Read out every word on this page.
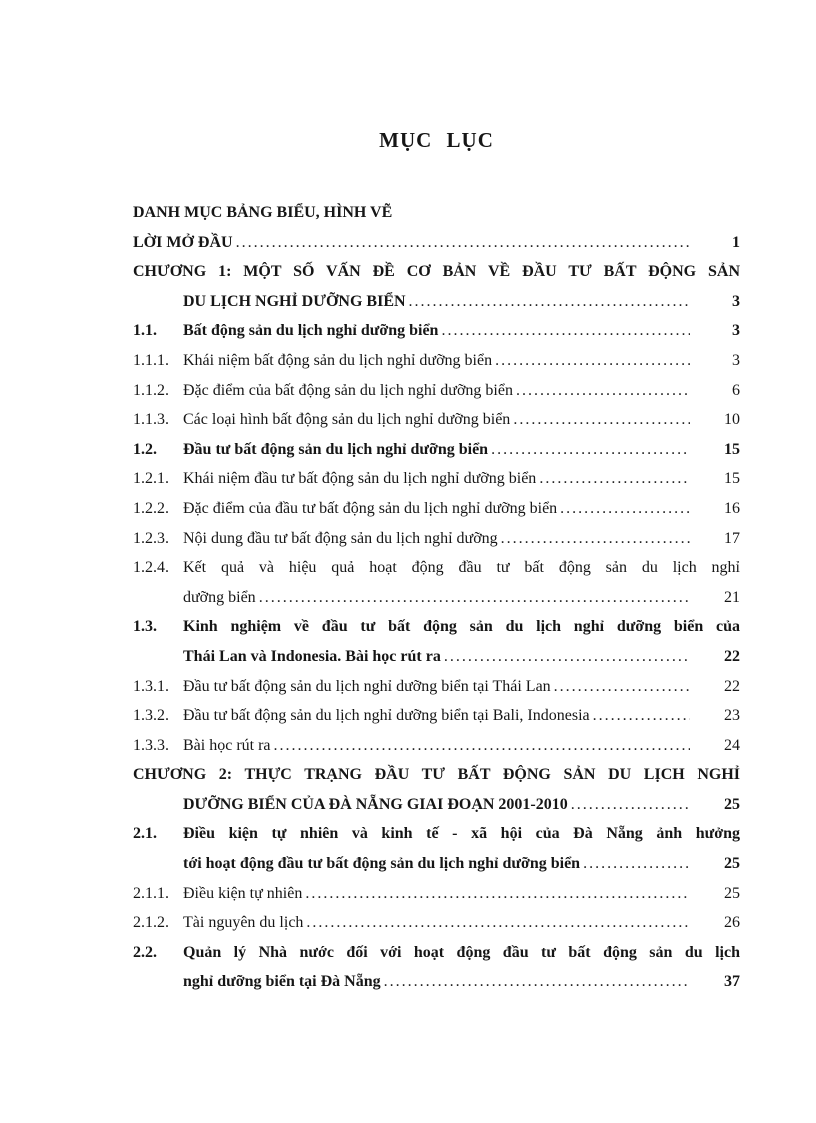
MỤC LỤC
DANH MỤC BẢNG BIỂU, HÌNH VẼ
LỜI MỞ ĐẦU .....	1
CHƯƠNG 1: MỘT SỐ VẤN ĐỀ CƠ BẢN VỀ ĐẦU TƯ BẤT ĐỘNG SẢN
DU LỊCH NGHỈ DƯỠNG BIỂN .....	3
1.1.	Bất động sản du lịch nghỉ dưỡng biển .....	3
1.1.1. Khái niệm bất động sản du lịch nghỉ dưỡng biển .....	3
1.1.2. Đặc điểm của bất động sản du lịch nghỉ dưỡng biển .....	6
1.1.3. Các loại hình bất động sản du lịch nghỉ dưỡng biển .....	10
1.2.	Đầu tư bất động sản du lịch nghỉ dưỡng biển .....	15
1.2.1. Khái niệm đầu tư bất động sản du lịch nghỉ dưỡng biển .....	15
1.2.2. Đặc điểm của đầu tư bất động sản du lịch nghỉ dưỡng biển .....	16
1.2.3. Nội dung đầu tư bất động sản du lịch nghỉ dưỡng .....	17
1.2.4. Kết quả và hiệu quả hoạt động đầu tư bất động sản du lịch nghỉ
dưỡng biển .....	21
1.3.	Kinh nghiệm về đầu tư bất động sản du lịch nghỉ dưỡng biển của
Thái Lan và Indonesia. Bài học rút ra .....	22
1.3.1. Đầu tư bất động sản du lịch nghỉ dưỡng biển tại Thái Lan .....	22
1.3.2. Đầu tư bất động sản du lịch nghỉ dưỡng biển tại Bali, Indonesia .....	23
1.3.3. Bài học rút ra .....	24
CHƯƠNG 2: THỰC TRẠNG ĐẦU TƯ BẤT ĐỘNG SẢN DU LỊCH NGHỈ
DƯỠNG BIỂN CỦA ĐÀ NẴNG GIAI ĐOẠN 2001-2010 .....	25
2.1.	Điều kiện tự nhiên và kinh tế - xã hội của Đà Nẵng ảnh hưởng
tới hoạt động đầu tư bất động sản du lịch nghỉ dưỡng biển .....	25
2.1.1. Điều kiện tự nhiên .....	25
2.1.2. Tài nguyên du lịch .....	26
2.2.	Quản lý Nhà nước đối với hoạt động đầu tư bất động sản du lịch
nghỉ dưỡng biển tại Đà Nẵng .....	37
